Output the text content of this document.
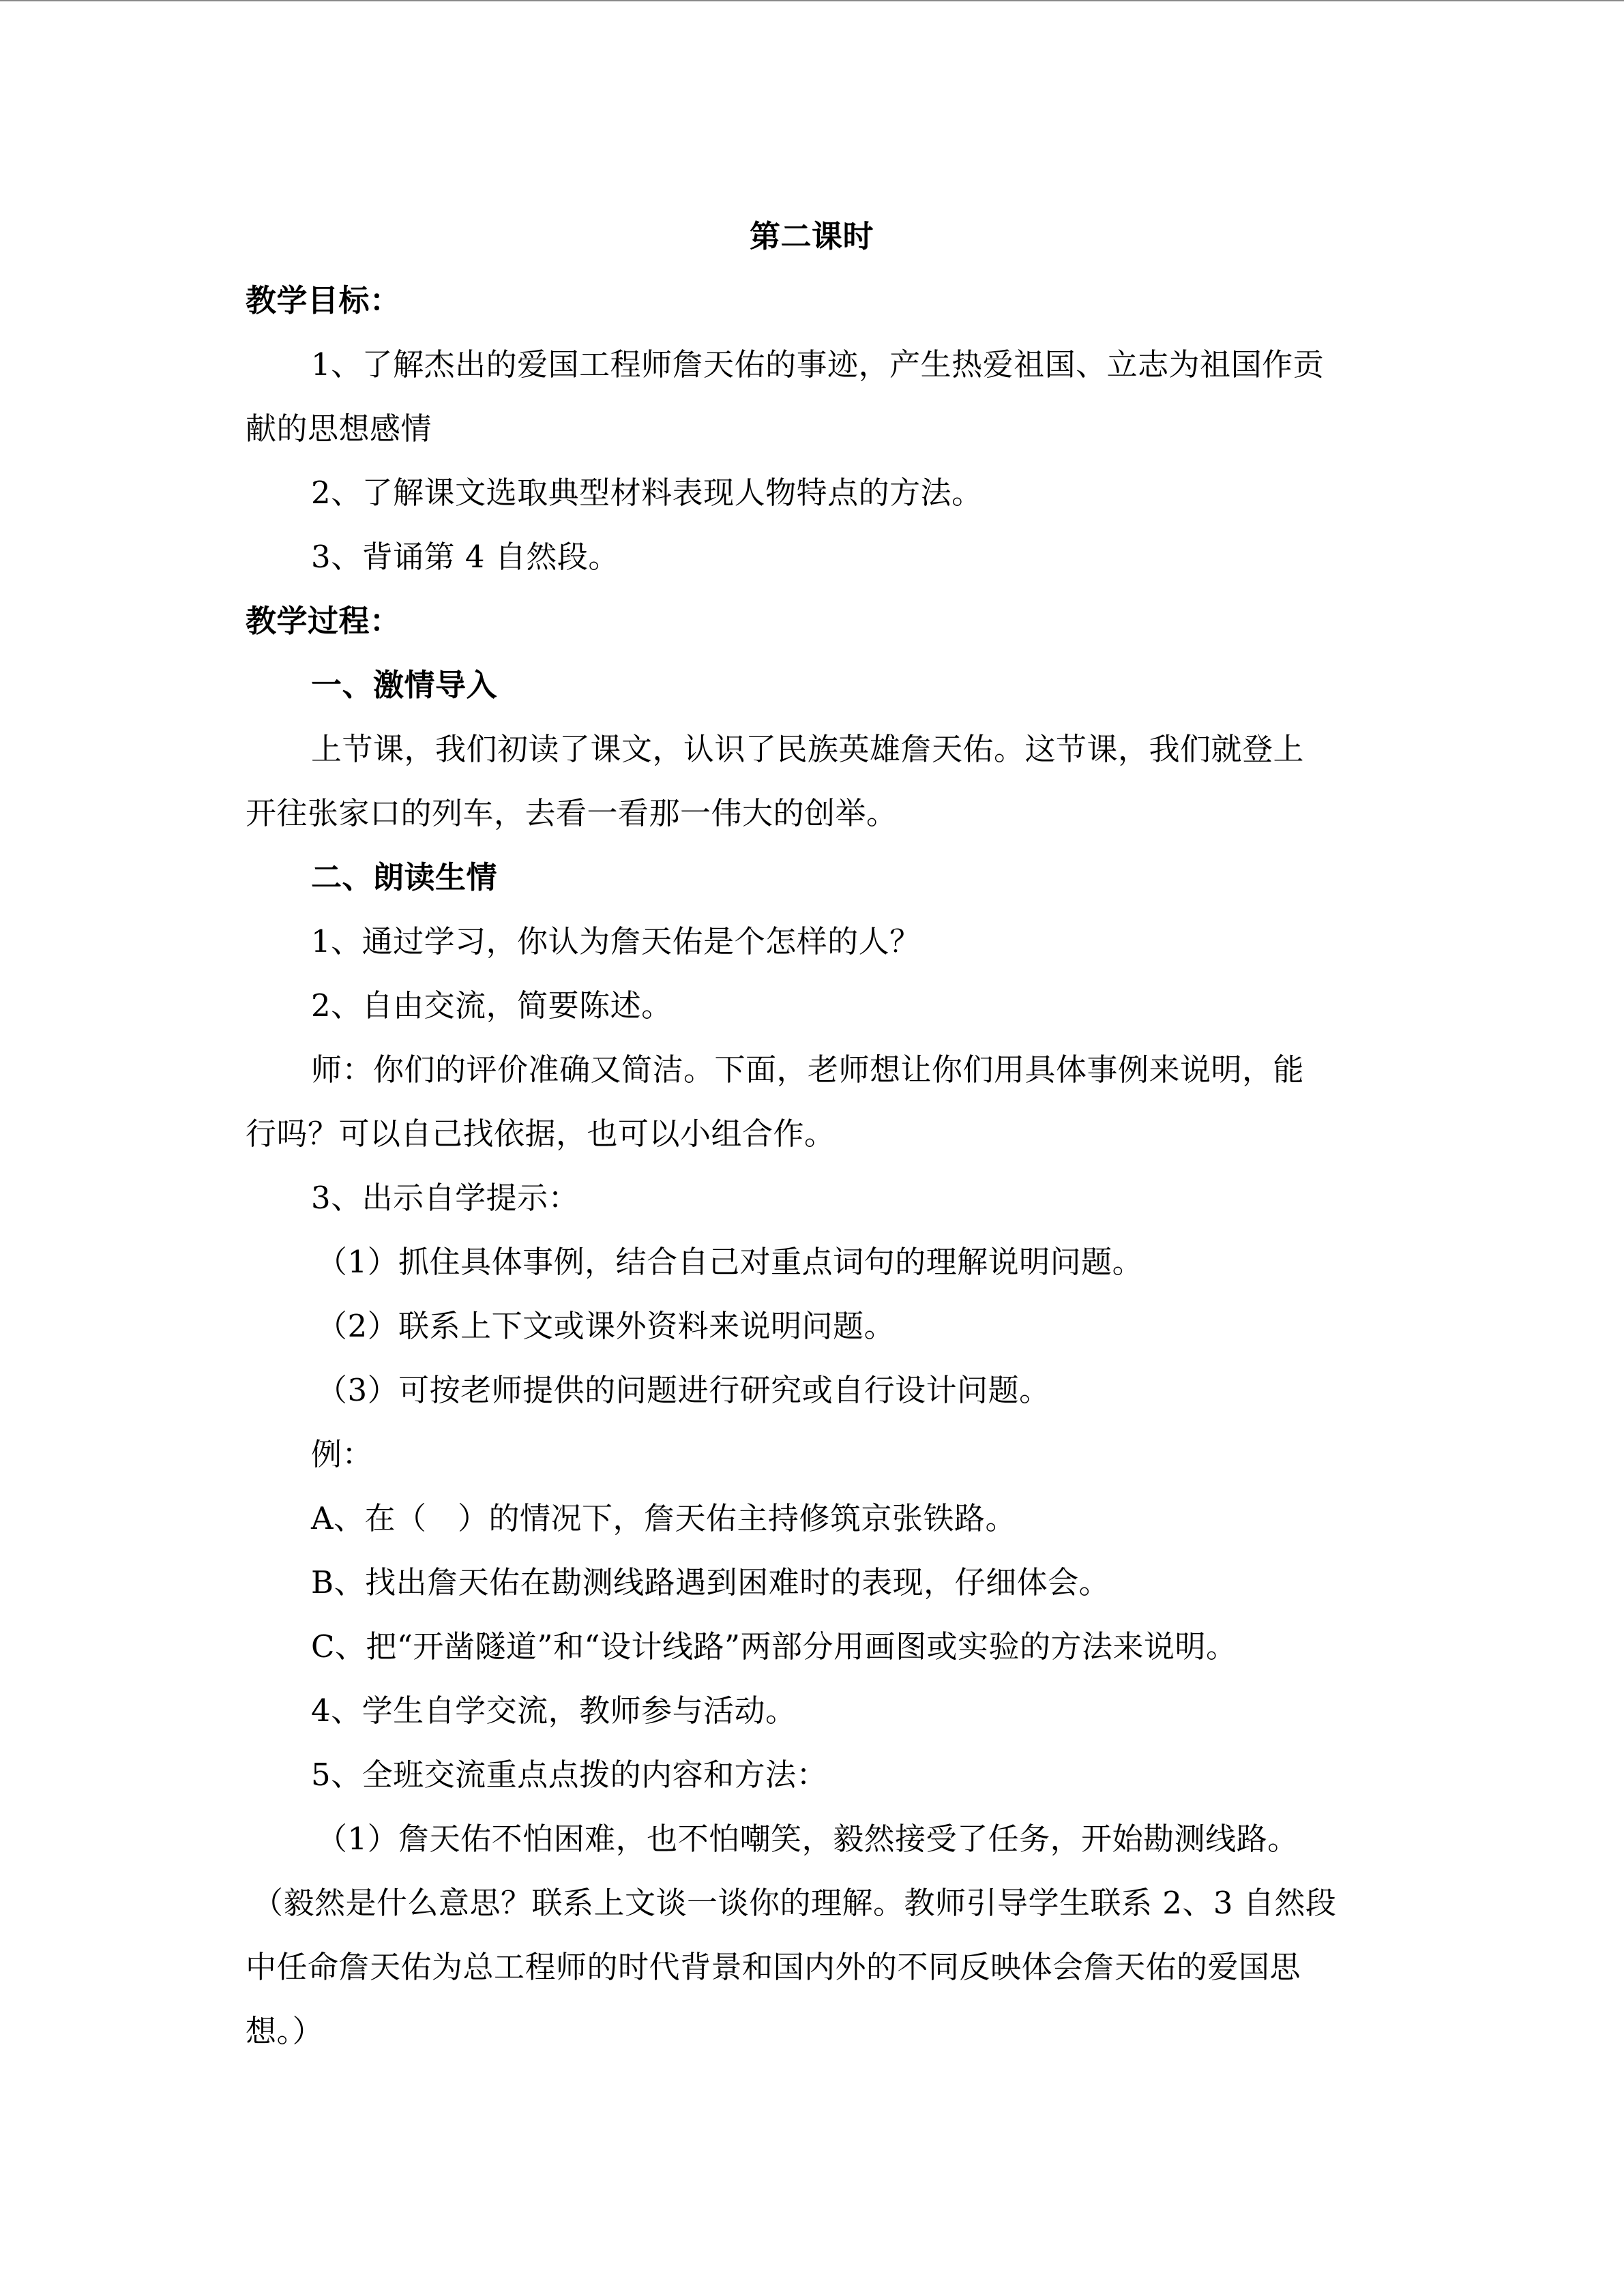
第二课时
教学目标：
1、了解杰出的爱国工程师詹天佑的事迹，产生热爱祖国、立志为祖国作贡
献的思想感情
2、了解课文选取典型材料表现人物特点的方法。
3、背诵第 4 自然段。
教学过程：
一、激情导入
上节课，我们初读了课文，认识了民族英雄詹天佑。这节课，我们就登上
开往张家口的列车，去看一看那一伟大的创举。
二、朗读生情
1、通过学习，你认为詹天佑是个怎样的人？
2、自由交流，简要陈述。
师：你们的评价准确又简洁。下面，老师想让你们用具体事例来说明，能
行吗？可以自己找依据，也可以小组合作。
3、出示自学提示：
（1）抓住具体事例，结合自己对重点词句的理解说明问题。
（2）联系上下文或课外资料来说明问题。
（3）可按老师提供的问题进行研究或自行设计问题。
例：
A、在（　）的情况下，詹天佑主持修筑京张铁路。
B、找出詹天佑在勘测线路遇到困难时的表现，仔细体会。
C、把“开凿隧道”和“设计线路”两部分用画图或实验的方法来说明。
4、学生自学交流，教师参与活动。
5、全班交流重点点拨的内容和方法：
（1）詹天佑不怕困难，也不怕嘲笑，毅然接受了任务，开始勘测线路。
（毅然是什么意思？联系上文谈一谈你的理解。教师引导学生联系 2、3 自然段
中任命詹天佑为总工程师的时代背景和国内外的不同反映体会詹天佑的爱国思
想。）
